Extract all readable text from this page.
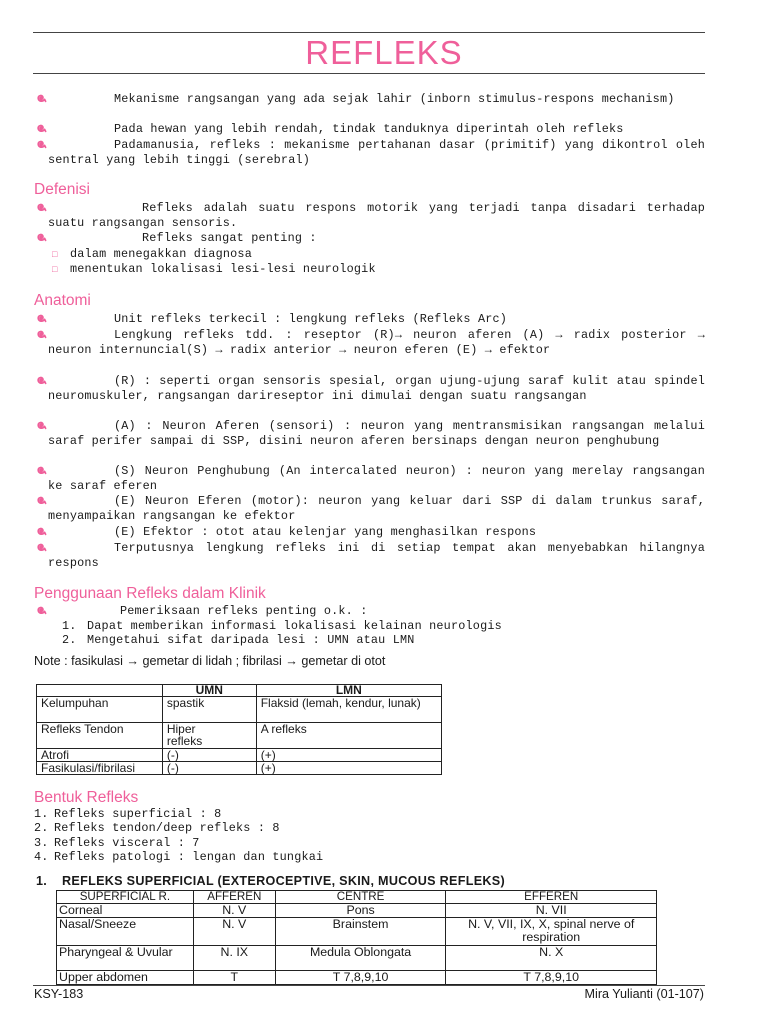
REFLEKS
Mekanisme rangsangan yang ada sejak lahir (inborn stimulus-respons mechanism)
Pada hewan yang lebih rendah, tindak tanduknya diperintah oleh refleks
Padamanusia, refleks : mekanisme pertahanan dasar (primitif) yang dikontrol oleh sentral yang lebih tinggi (serebral)
Defenisi
Refleks adalah suatu respons motorik yang terjadi tanpa disadari terhadap suatu rangsangan sensoris.
Refleks sangat penting :
□ dalam menegakkan diagnosa
□ menentukan lokalisasi lesi-lesi neurologik
Anatomi
Unit refleks terkecil : lengkung refleks (Refleks Arc)
Lengkung refleks tdd. : reseptor (R)→ neuron aferen (A) → radix posterior → neuron internuncial(S) → radix anterior → neuron eferen (E) → efektor
(R) : seperti organ sensoris spesial, organ ujung-ujung saraf kulit atau spindel neuromuskuler, rangsangan darireseptor ini dimulai dengan suatu rangsangan
(A) : Neuron Aferen (sensori) : neuron yang mentransmisikan rangsangan melalui saraf perifer sampai di SSP, disini neuron aferen bersinaps dengan neuron penghubung
(S) Neuron Penghubung (An intercalated neuron) : neuron yang merelay rangsangan ke saraf eferen
(E) Neuron Eferen (motor): neuron yang keluar dari SSP di dalam trunkus saraf, menyampaikan rangsangan ke efektor
(E) Efektor : otot atau kelenjar yang menghasilkan respons
Terputusnya lengkung refleks ini di setiap tempat akan menyebabkan hilangnya respons
Penggunaan Refleks dalam Klinik
Pemeriksaan refleks penting o.k. :
1. Dapat memberikan informasi lokalisasi kelainan neurologis
2. Mengetahui sifat daripada lesi : UMN atau LMN
Note : fasikulasi → gemetar di lidah ; fibrilasi → gemetar di otot
	UMN	LMN
Kelumpuhan	spastik	Flaksid (lemah, kendur, lunak)
Refleks Tendon	Hiper refleks	A refleks
Atrofi	(-)	(+)
Fasikulasi/fibrilasi	(-)	(+)
Bentuk Refleks
1. Refleks superficial : 8
2. Refleks tendon/deep refleks : 8
3. Refleks visceral : 7
4. Refleks patologi : lengan dan tungkai
1. REFLEKS SUPERFICIAL (EXTEROCEPTIVE, SKIN, MUCOUS REFLEKS)
SUPERFICIAL R.	AFFEREN	CENTRE	EFFEREN
Corneal	N. V	Pons	N. VII
Nasal/Sneeze	N. V	Brainstem	N. V, VII, IX, X, spinal nerve of respiration
Pharyngeal & Uvular	N. IX	Medula Oblongata	N. X
Upper abdomen	T	T 7,8,9,10	T 7,8,9,10
KSY-183	Mira Yulianti (01-107)
